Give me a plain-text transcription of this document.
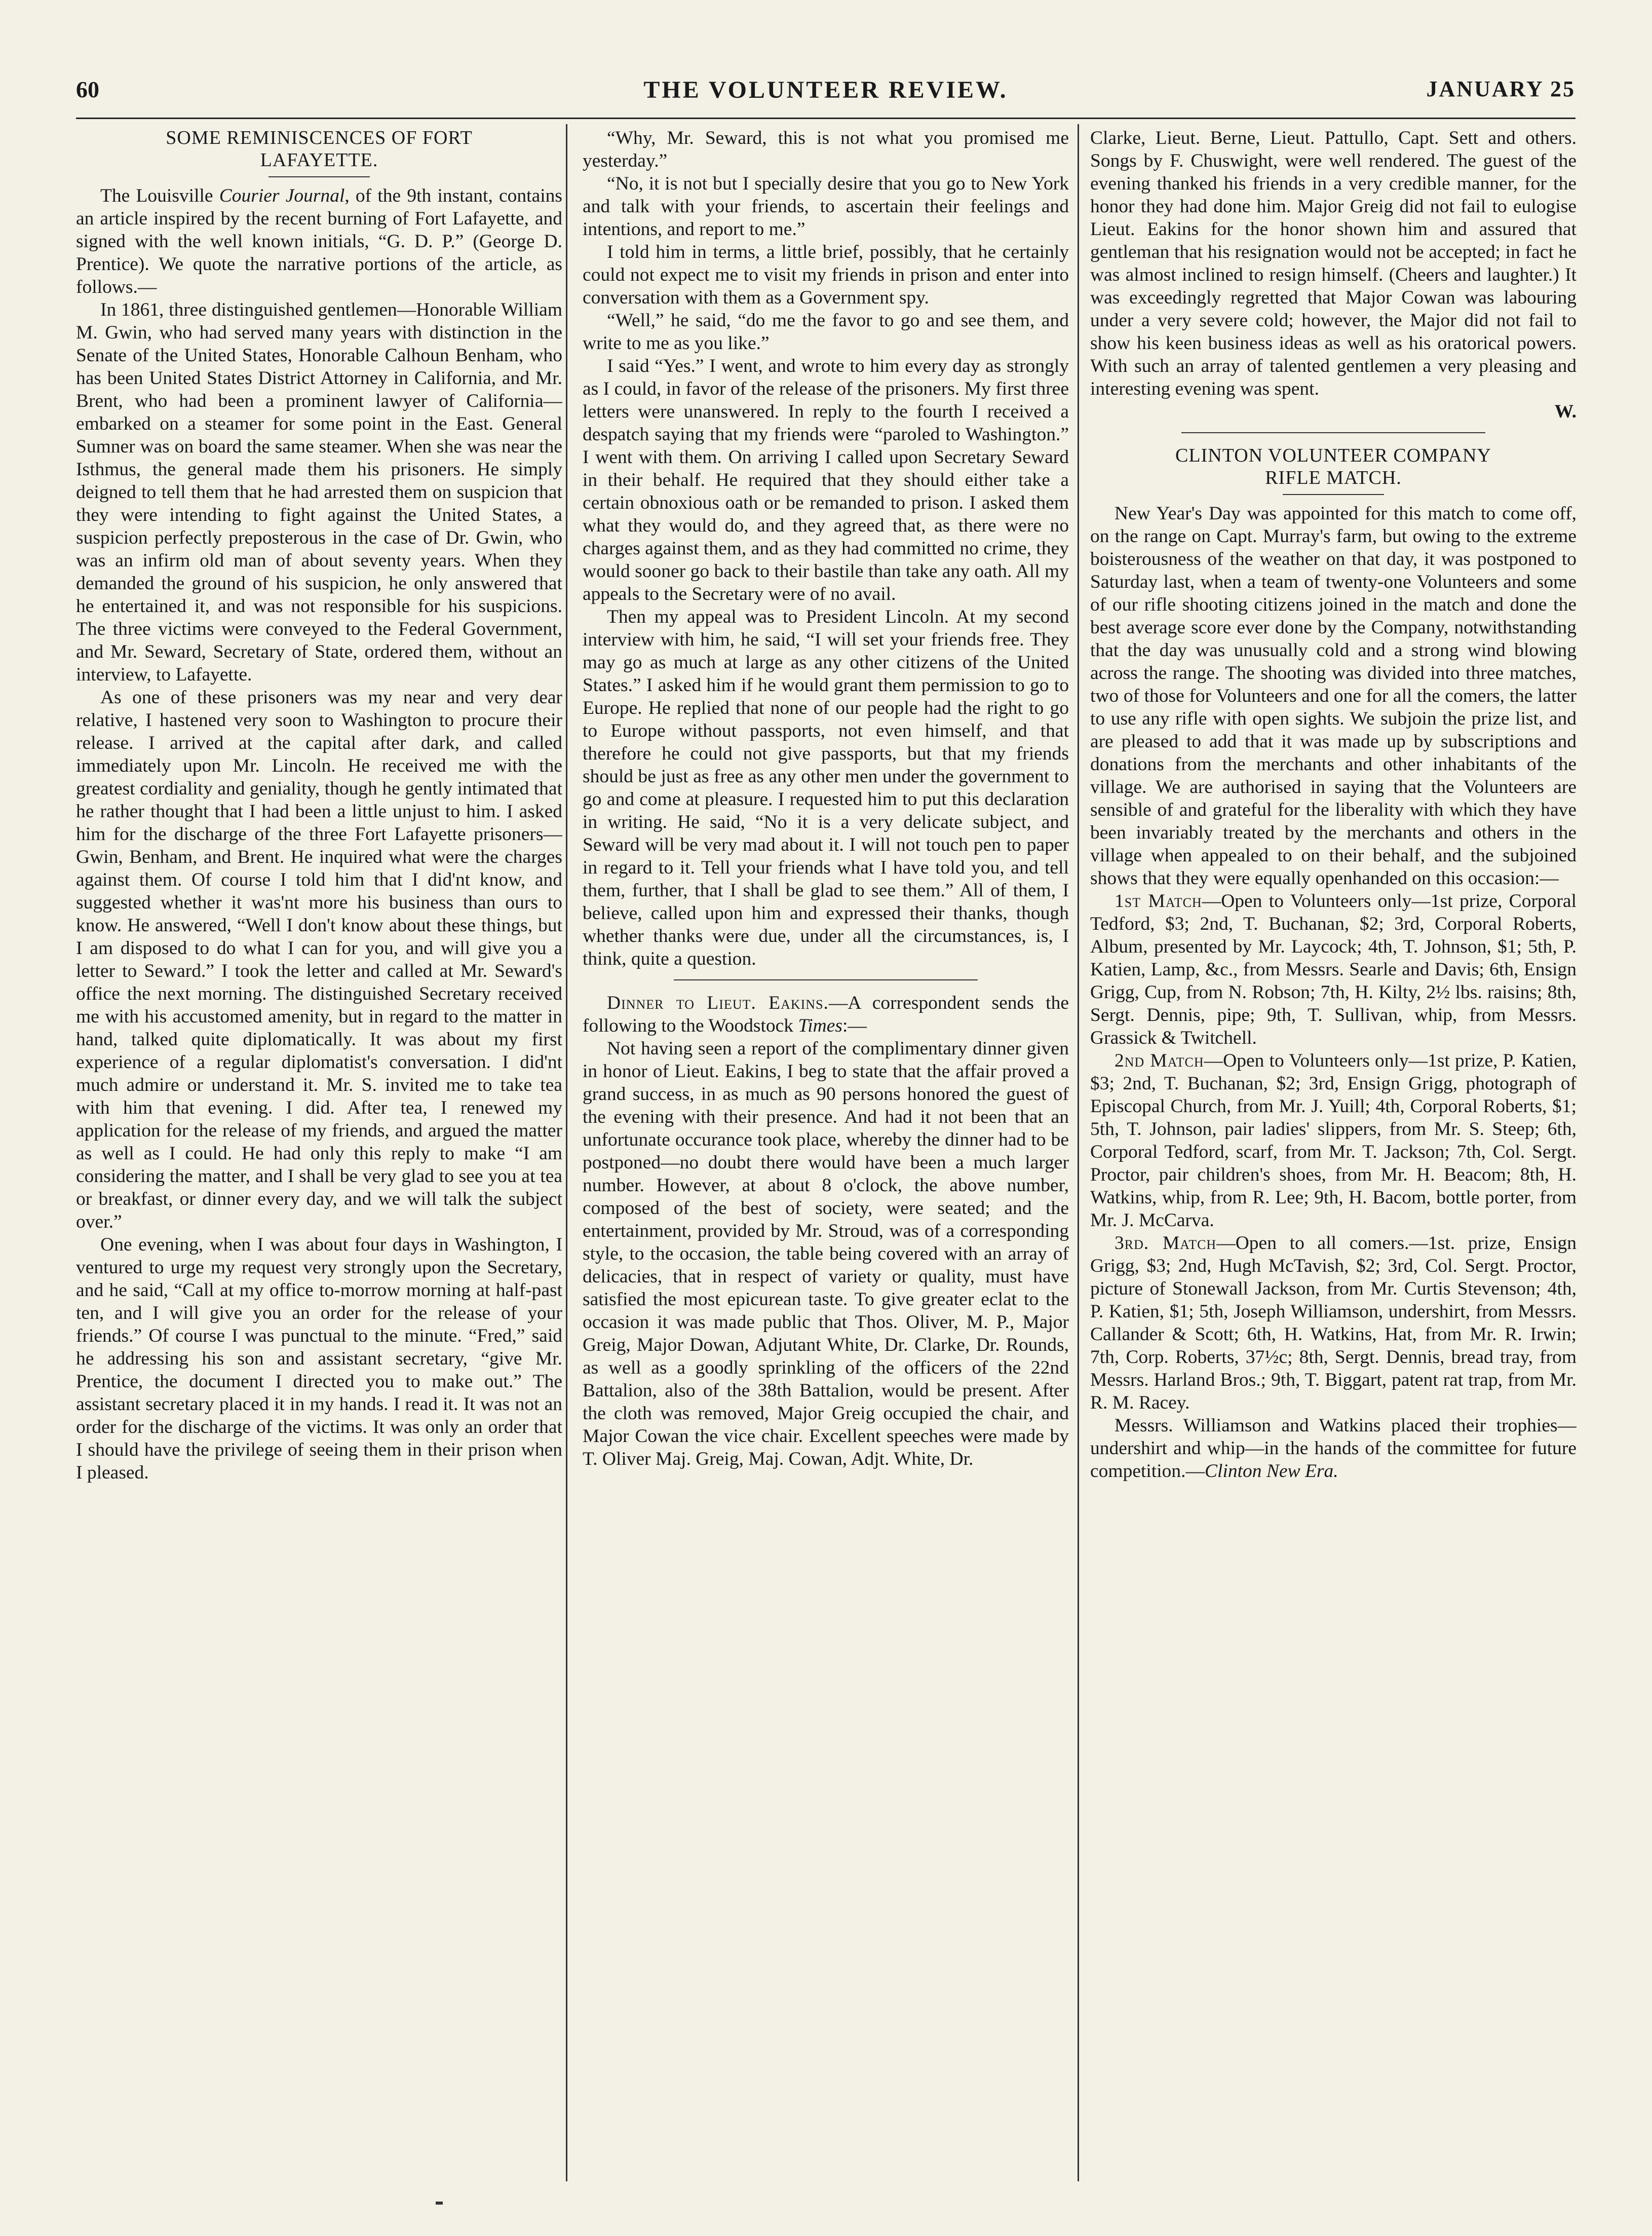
60	THE VOLUNTEER REVIEW.	JANUARY 25
SOME REMINISCENCES OF FORT
LAFAYETTE.

The Louisville Courier Journal, of the 9th instant, contains an article inspired by the recent burning of Fort Lafayette, and signed with the well known initials, “G. D. P.” (George D. Prentice). We quote the narrative portions of the article, as follows.—

In 1861, three distinguished gentlemen—Honorable William M. Gwin, who had served many years with distinction in the Senate of the United States, Honorable Calhoun Benham, who has been United States District Attorney in California, and Mr. Brent, who had been a prominent lawyer of California—embarked on a steamer for some point in the East. General Sumner was on board the same steamer. When she was near the Isthmus, the general made them his prisoners. He simply deigned to tell them that he had arrested them on suspicion that they were intending to fight against the United States, a suspicion perfectly preposterous in the case of Dr. Gwin, who was an infirm old man of about seventy years. When they demanded the ground of his suspicion, he only answered that he entertained it, and was not responsible for his suspicions. The three victims were conveyed to the Federal Government, and Mr. Seward, Secretary of State, ordered them, without an interview, to Lafayette.

As one of these prisoners was my near and very dear relative, I hastened very soon to Washington to procure their release. I arrived at the capital after dark, and called immediately upon Mr. Lincoln. He received me with the greatest cordiality and geniality, though he gently intimated that he rather thought that I had been a little unjust to him. I asked him for the discharge of the three Fort Lafayette prisoners—Gwin, Benham, and Brent. He inquired what were the charges against them. Of course I told him that I did'nt know, and suggested whether it was'nt more his business than ours to know. He answered, “Well I don't know about these things, but I am disposed to do what I can for you, and will give you a letter to Seward.” I took the letter and called at Mr. Seward's office the next morning. The distinguished Secretary received me with his accustomed amenity, but in regard to the matter in hand, talked quite diplomatically. It was about my first experience of a regular diplomatist's conversation. I did'nt much admire or understand it. Mr. S. invited me to take tea with him that evening. I did. After tea, I renewed my application for the release of my friends, and argued the matter as well as I could. He had only this reply to make “I am considering the matter, and I shall be very glad to see you at tea or breakfast, or dinner every day, and we will talk the subject over.”

One evening, when I was about four days in Washington, I ventured to urge my request very strongly upon the Secretary, and he said, “Call at my office to-morrow morning at half-past ten, and I will give you an order for the release of your friends.” Of course I was punctual to the minute. “Fred,” said he addressing his son and assistant secretary, “give Mr. Prentice, the document I directed you to make out.” The assistant secretary placed it in my hands. I read it. It was not an order for the discharge of the victims. It was only an order that I should have the privilege of seeing them in their prison when I pleased.

“Why, Mr. Seward, this is not what you promised me yesterday.”

“No, it is not but I specially desire that you go to New York and talk with your friends, to ascertain their feelings and intentions, and report to me.”

I told him in terms, a little brief, possibly, that he certainly could not expect me to visit my friends in prison and enter into conversation with them as a Government spy.

“Well,” he said, “do me the favor to go and see them, and write to me as you like.”

I said “Yes.” I went, and wrote to him every day as strongly as I could, in favor of the release of the prisoners. My first three letters were unanswered. In reply to the fourth I received a despatch saying that my friends were “paroled to Washington.” I went with them. On arriving I called upon Secretary Seward in their behalf. He required that they should either take a certain obnoxious oath or be remanded to prison. I asked them what they would do, and they agreed that, as there were no charges against them, and as they had committed no crime, they would sooner go back to their bastile than take any oath. All my appeals to the Secretary were of no avail.

Then my appeal was to President Lincoln. At my second interview with him, he said, “I will set your friends free. They may go as much at large as any other citizens of the United States.” I asked him if he would grant them permission to go to Europe. He replied that none of our people had the right to go to Europe without passports, not even himself, and that therefore he could not give passports, but that my friends should be just as free as any other men under the government to go and come at pleasure. I requested him to put this declaration in writing. He said, “No it is a very delicate subject, and Seward will be very mad about it. I will not touch pen to paper in regard to it. Tell your friends what I have told you, and tell them, further, that I shall be glad to see them.” All of them, I believe, called upon him and expressed their thanks, though whether thanks were due, under all the circumstances, is, I think, quite a question.

Dinner to Lieut. Eakins.—A correspondent sends the following to the Woodstock Times:—

Not having seen a report of the complimentary dinner given in honor of Lieut. Eakins, I beg to state that the affair proved a grand success, in as much as 90 persons honored the guest of the evening with their presence. And had it not been that an unfortunate occurance took place, whereby the dinner had to be postponed—no doubt there would have been a much larger number. However, at about 8 o'clock, the above number, composed of the best of society, were seated; and the entertainment, provided by Mr. Stroud, was of a corresponding style, to the occasion, the table being covered with an array of delicacies, that in respect of variety or quality, must have satisfied the most epicurean taste. To give greater eclat to the occasion it was made public that Thos. Oliver, M. P., Major Greig, Major Dowan, Adjutant White, Dr. Clarke, Dr. Rounds, as well as a goodly sprinkling of the officers of the 22nd Battalion, also of the 38th Battalion, would be present. After the cloth was removed, Major Greig occupied the chair, and Major Cowan the vice chair. Excellent speeches were made by T. Oliver Maj. Greig, Maj. Cowan, Adjt. White, Dr.

Clarke, Lieut. Berne, Lieut. Pattullo, Capt. Sett and others. Songs by F. Chuswight, were well rendered. The guest of the evening thanked his friends in a very credible manner, for the honor they had done him. Major Greig did not fail to eulogise Lieut. Eakins for the honor shown him and assured that gentleman that his resignation would not be accepted; in fact he was almost inclined to resign himself. (Cheers and laughter.) It was exceedingly regretted that Major Cowan was labouring under a very severe cold; however, the Major did not fail to show his keen business ideas as well as his oratorical powers. With such an array of talented gentlemen a very pleasing and interesting evening was spent.

W.
CLINTON VOLUNTEER COMPANY
RIFLE MATCH.

New Year's Day was appointed for this match to come off, on the range on Capt. Murray's farm, but owing to the extreme boisterousness of the weather on that day, it was postponed to Saturday last, when a team of twenty-one Volunteers and some of our rifle shooting citizens joined in the match and done the best average score ever done by the Company, notwithstanding that the day was unusually cold and a strong wind blowing across the range. The shooting was divided into three matches, two of those for Volunteers and one for all the comers, the latter to use any rifle with open sights. We subjoin the prize list, and are pleased to add that it was made up by subscriptions and donations from the merchants and other inhabitants of the village. We are authorised in saying that the Volunteers are sensible of and grateful for the liberality with which they have been invariably treated by the merchants and others in the village when appealed to on their behalf, and the subjoined shows that they were equally openhanded on this occasion:—

1st Match—Open to Volunteers only—1st prize, Corporal Tedford, $3; 2nd, T. Buchanan, $2; 3rd, Corporal Roberts, Album, presented by Mr. Laycock; 4th, T. Johnson, $1; 5th, P. Katien, Lamp, &c., from Messrs. Searle and Davis; 6th, Ensign Grigg, Cup, from N. Robson; 7th, H. Kilty, 2½ lbs. raisins; 8th, Sergt. Dennis, pipe; 9th, T. Sullivan, whip, from Messrs. Grassick & Twitchell.

2nd Match—Open to Volunteers only—1st prize, P. Katien, $3; 2nd, T. Buchanan, $2; 3rd, Ensign Grigg, photograph of Episcopal Church, from Mr. J. Yuill; 4th, Corporal Roberts, $1; 5th, T. Johnson, pair ladies' slippers, from Mr. S. Steep; 6th, Corporal Tedford, scarf, from Mr. T. Jackson; 7th, Col. Sergt. Proctor, pair children's shoes, from Mr. H. Beacom; 8th, H. Watkins, whip, from R. Lee; 9th, H. Bacom, bottle porter, from Mr. J. McCarva.

3rd. Match—Open to all comers.—1st. prize, Ensign Grigg, $3; 2nd, Hugh McTavish, $2; 3rd, Col. Sergt. Proctor, picture of Stonewall Jackson, from Mr. Curtis Stevenson; 4th, P. Katien, $1; 5th, Joseph Williamson, undershirt, from Messrs. Callander & Scott; 6th, H. Watkins, Hat, from Mr. R. Irwin; 7th, Corp. Roberts, 37½c; 8th, Sergt. Dennis, bread tray, from Messrs. Harland Bros.; 9th, T. Biggart, patent rat trap, from Mr. R. M. Racey.

Messrs. Williamson and Watkins placed their trophies—undershirt and whip—in the hands of the committee for future competition.—Clinton New Era.
